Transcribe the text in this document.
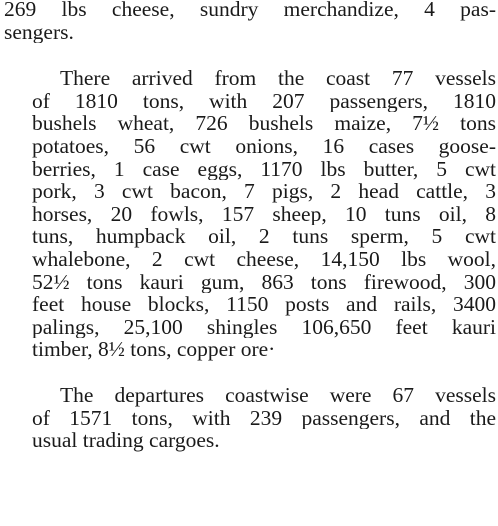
269 lbs cheese, sundry merchandize, 4 pas-
sengers.

There arrived from the coast 77 vessels
of 1810 tons, with 207 passengers, 1810
bushels wheat, 726 bushels maize, 7½ tons
potatoes, 56 cwt onions, 16 cases goose-
berries, 1 case eggs, 1170 lbs butter, 5 cwt
pork, 3 cwt bacon, 7 pigs, 2 head cattle, 3
horses, 20 fowls, 157 sheep, 10 tuns oil, 8
tuns, humpback oil, 2 tuns sperm, 5 cwt
whalebone, 2 cwt cheese, 14,150 lbs wool,
52½ tons kauri gum, 863 tons firewood, 300
feet house blocks, 1150 posts and rails, 3400
palings, 25,100 shingles 106,650 feet kauri
timber, 8½ tons, copper ore·

The departures coastwise were 67 vessels
of 1571 tons, with 239 passengers, and the
usual trading cargoes.
